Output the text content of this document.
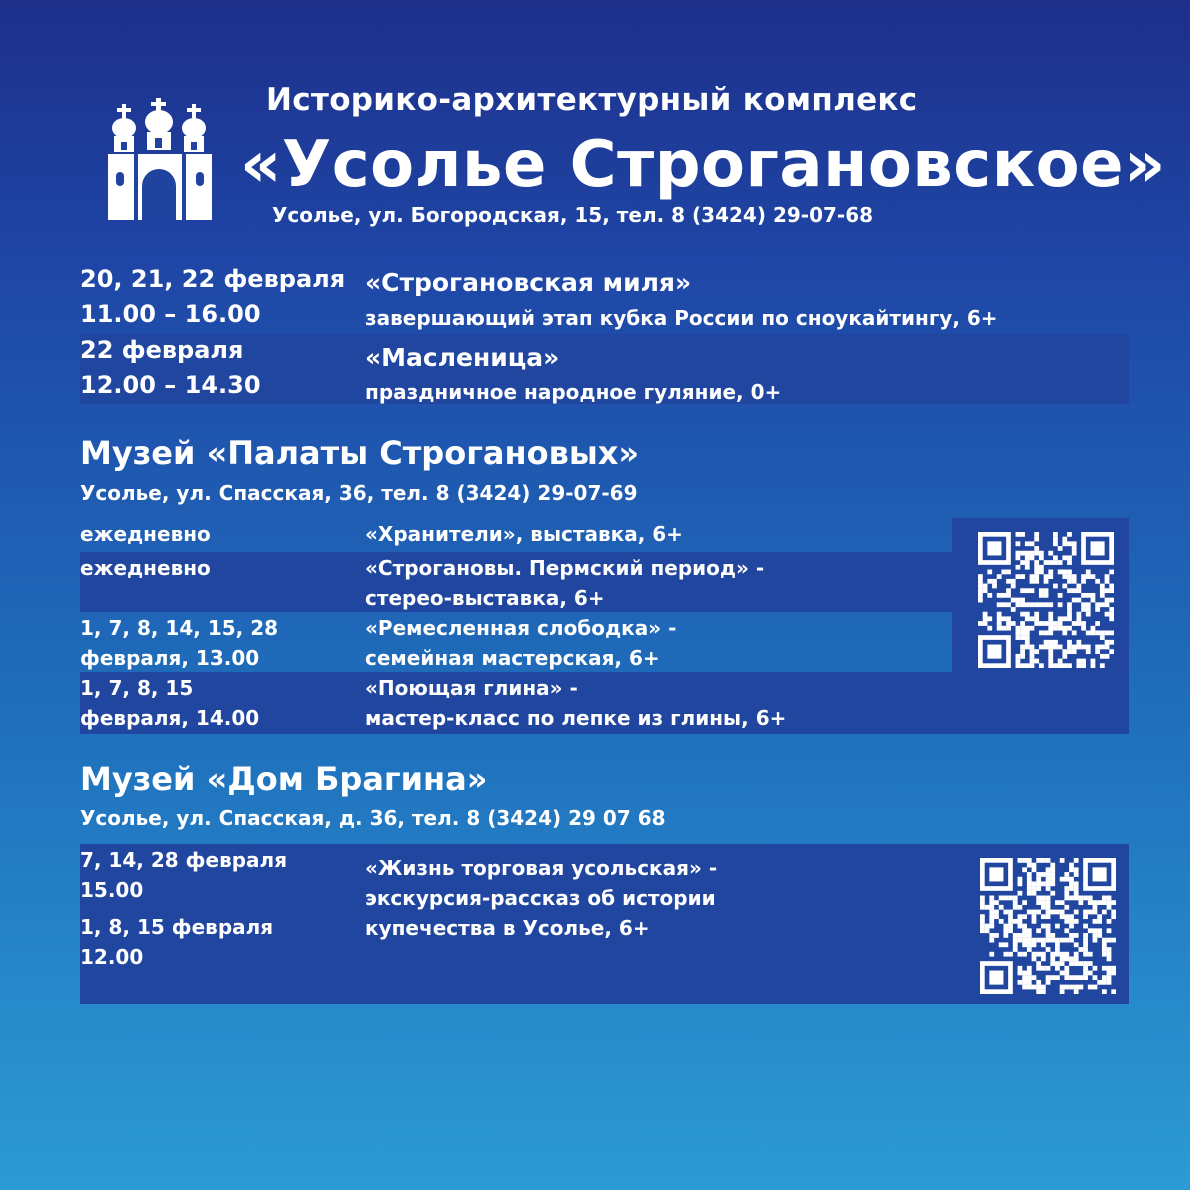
Историко-архитектурный комплекс
«Усолье Строгановское»
Усолье, ул. Богородская, 15, тел. 8 (3424) 29-07-68
20, 21, 22 февраля
11.00 – 16.00
«Строгановская миля»
завершающий этап кубка России по сноукайтингу, 6+
22 февраля
12.00 – 14.30
«Масленица»
праздничное народное гуляние, 0+
Музей «Палаты Строгановых»
Усолье, ул. Спасская, 36, тел. 8 (3424) 29-07-69
ежедневно	«Хранители», выставка, 6+
ежедневно	«Строгановы. Пермский период» -
стерео-выставка, 6+
1, 7, 8, 14, 15, 28
февраля, 13.00
«Ремесленная слободка» -
семейная мастерская, 6+
1, 7, 8, 15
февраля, 14.00
«Поющая глина» -
мастер-класс по лепке из глины, 6+
Музей «Дом Брагина»
Усолье, ул. Спасская, д. 36, тел. 8 (3424) 29 07 68
7, 14, 28 февраля
15.00
1, 8, 15 февраля
12.00
«Жизнь торговая усольская» -
экскурсия-рассказ об истории
купечества в Усолье, 6+
